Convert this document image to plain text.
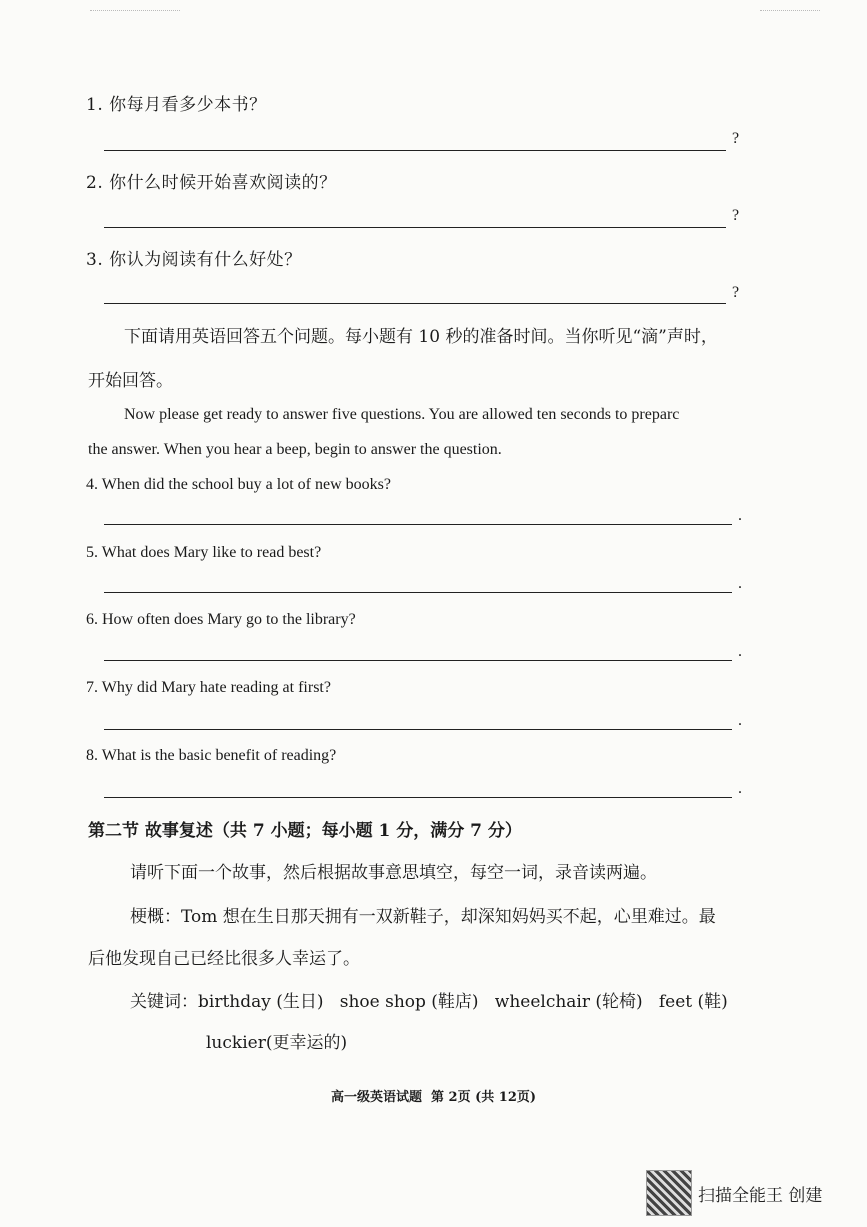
1. 你每月看多少本书？
?
2. 你什么时候开始喜欢阅读的？
?
3. 你认为阅读有什么好处？
?
下面请用英语回答五个问题。每小题有 10 秒的准备时间。当你听见“滴”声时，
开始回答。
Now please get ready to answer five questions. You are allowed ten seconds to preparc
the answer. When you hear a beep, begin to answer the question.
4. When did the school buy a lot of new books?
.
5. What does Mary like to read best?
.
6. How often does Mary go to the library?
.
7. Why did Mary hate reading at first?
.
8. What is the basic benefit of reading?
.
第二节 故事复述（共 7 小题；每小题 1 分，满分 7 分）
请听下面一个故事，然后根据故事意思填空，每空一词，录音读两遍。
梗概：Tom 想在生日那天拥有一双新鞋子，却深知妈妈买不起，心里难过。最
后他发现自己已经比很多人幸运了。
关键词：birthday (生日)   shoe shop (鞋店)   wheelchair (轮椅)   feet (鞋)
luckier(更幸运的)
高一级英语试题  第 2页 (共 12页)
扫描全能王 创建
